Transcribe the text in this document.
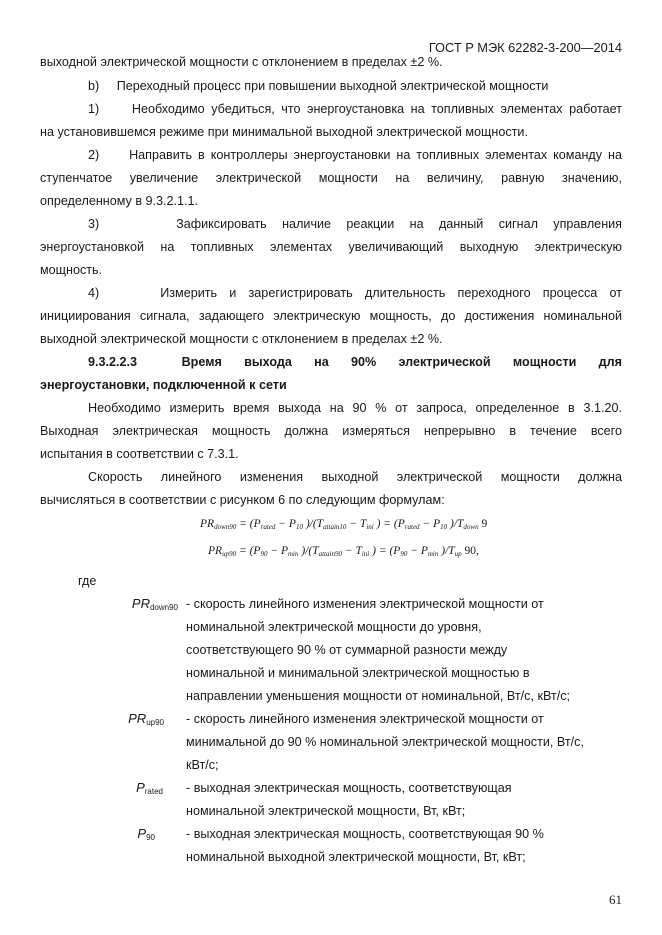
ГОСТ Р МЭК 62282-3-200—2014
выходной электрической мощности с отклонением в пределах ±2 %.
b)     Переходный процесс при повышении выходной электрической мощности
1)     Необходимо убедиться, что энергоустановка на топливных элементах работает
на установившемся режиме при минимальной выходной электрической мощности.
2)     Направить в контроллеры энергоустановки на топливных элементах команду на
ступенчатое увеличение электрической мощности на величину, равную значению,
определенному в 9.3.2.1.1.
3)     Зафиксировать наличие реакции на данный сигнал управления
энергоустановкой на топливных элементах увеличивающий выходную электрическую
мощность.
4)     Измерить и зарегистрировать длительность переходного процесса от
инициирования сигнала, задающего электрическую мощность, до достижения номинальной
выходной электрической мощности с отклонением в пределах ±2 %.
9.3.2.2.3  Время выхода на 90% электрической мощности для
энергоустановки, подключенной к сети
Необходимо измерить время выхода на 90 % от запроса, определенное в 3.1.20.
Выходная электрическая мощность должна измеряться непрерывно в течение всего
испытания в соответствии с 7.3.1.
Скорость линейного изменения выходной электрической мощности должна
вычисляться в соответствии с рисунком 6 по следующим формулам:
$PR_{down90} = (P_{rated} - P_{10}$ )$/(T_{attain10} - T_{ini}$ ) = ($P_{rated} - P_{10}$ )$/T_{down}$ 9
$PR_{up90} = (P_{90} - P_{min}$ )$/(T_{attain90} - T_{ini}$ ) = ($P_{90} - P_{min}$ )$/T_{up}$ 90,
где
$PR_{down90}$ - скорость линейного изменения электрической мощности от
номинальной электрической мощности до уровня,
соответствующего 90 % от суммарной разности между
номинальной и минимальной электрической мощностью в
направлении уменьшения мощности от номинальной, Вт/с, кВт/с;
$PR_{up90}$ - скорость линейного изменения электрической мощности от
минимальной до 90 % номинальной электрической мощности, Вт/с,
кВт/с;
$P_{rated}$ - выходная электрическая мощность, соответствующая
номинальной электрической мощности, Вт, кВт;
$P_{90}$ - выходная электрическая мощность, соответствующая 90 %
номинальной выходной электрической мощности, Вт, кВт;
61
